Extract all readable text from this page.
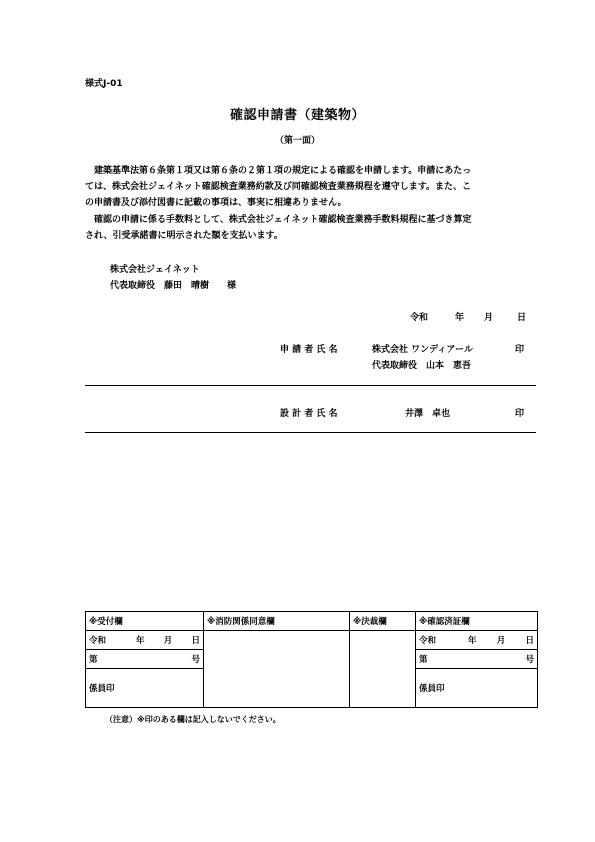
様式J-01
確認申請書（建築物）
（第一面）
建築基準法第６条第１項又は第６条の２第１項の規定による確認を申請します。申請にあたっ
ては、株式会社ジェイネット確認検査業務約款及び同確認検査業務規程を遵守します。また、こ
の申請書及び添付図書に記載の事項は、事実に相違ありません。
確認の申請に係る手数料として、株式会社ジェイネット確認検査業務手数料規程に基づき算定
され、引受承諾書に明示された額を支払います。
株式会社ジェイネット
代表取締役　藤田　晴樹　　様
令和	年 月	日
申 請 者 氏 名	株式会社 ワンディアール	印
代表取締役　山本　恵吾
設 計 者 氏 名	井澤　卓也	印
※受付欄	※消防関係同意欄	※決裁欄	※確認済証欄

令和 年 月 日			令和 年 月 日

第 号			第 号

係員印			係員印
（注意）※印のある欄は記入しないでください。
